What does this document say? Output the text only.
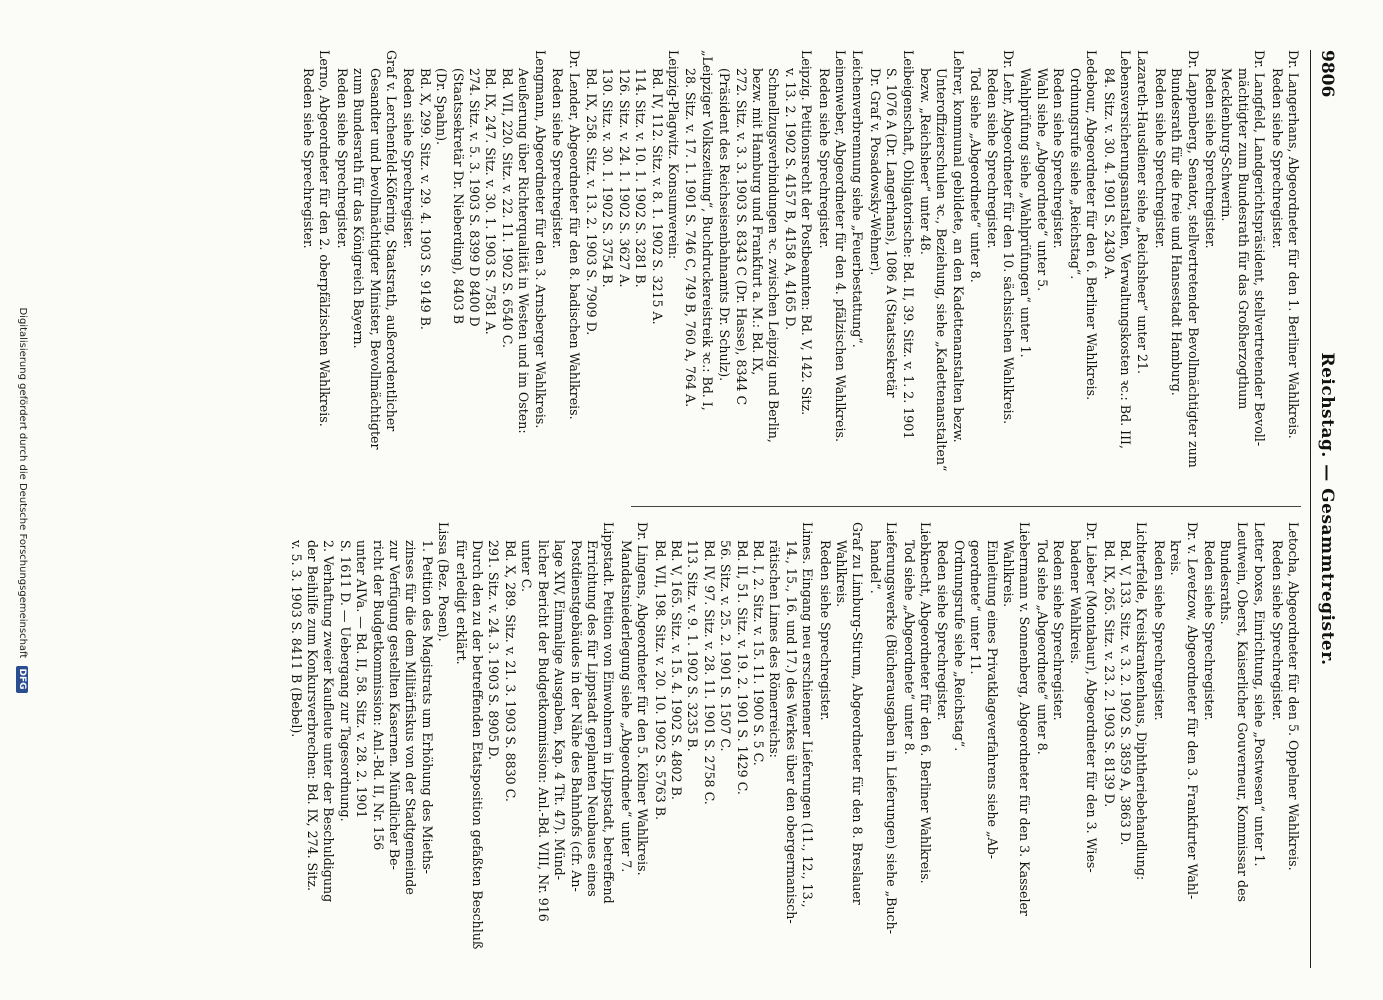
9806
Reichstag. — Gesammtregister.
Dr. Langerhans, Abgeordneter für den 1. Berliner Wahlkreis.
Reden siehe Sprechregister.
Dr. Langfeld, Landgerichtspräsident, stellvertretender Bevoll-
mächtigter zum Bundesrath für das Großherzogthum
Mecklenburg-Schwerin.
Reden siehe Sprechregister.
Dr. Lappenberg, Senator, stellvertretender Bevollmächtigter zum
Bundesrath für die freie und Hansestadt Hamburg.
Reden siehe Sprechregister.
Lazareth-Hausdiener siehe „Reichsheer“ unter 21.
Lebensversicherungsanstalten, Verwaltungskosten ꝛc.: Bd. III,
84. Sitz. v. 30. 4. 1901 S. 2430 A.
Ledebour, Abgeordneter für den 6. Berliner Wahlkreis.
Ordnungsrufe siehe „Reichstag“.
Reden siehe Sprechregister.
Wahl siehe „Abgeordnete“ unter 5.
Wahlprüfung siehe „Wahlprüfungen“ unter 1.
Dr. Lehr, Abgeordneter für den 10. sächsischen Wahlkreis.
Reden siehe Sprechregister.
Tod siehe „Abgeordnete“ unter 8.
Lehrer, kommunal gebildete, an den Kadettenanstalten bezw.
Unteroffizierschulen ꝛc., Beziehung, siehe „Kadettenanstalten“
bezw. „Reichsheer“ unter 48.
Leibeigenschaft, Obligatorische: Bd. II, 39. Sitz. v. 1. 2. 1901
S. 1076 A (Dr. Langerhans), 1086 A (Staatssekretär
Dr. Graf v. Posadowsky-Wehner).
Leichenverbrennung siehe „Feuerbestattung“.
Leinenweber, Abgeordneter für den 4. pfälzischen Wahlkreis.
Reden siehe Sprechregister.
Leipzig. Petitionsrecht der Postbeamten: Bd. V, 142. Sitz.
v. 13. 2. 1902 S. 4157 B, 4158 A, 4165 D.
Schnellzugsverbindungen ꝛc. zwischen Leipzig und Berlin,
bezw. mit Hamburg und Frankfurt a. M.: Bd. IX,
272. Sitz. v. 3. 3. 1903 S. 8343 C (Dr. Hasse), 8344 C
(Präsident des Reichseisenbahnamts Dr. Schulz).
„Leipziger Volkszeitung“, Buchdruckereistreik ꝛc.: Bd. I,
28. Sitz. v. 17. 1. 1901 S. 746 C, 749 B, 760 A, 764 A.
Leipzig-Plagwitz. Konsumverein:
Bd. IV, 112. Sitz. v. 8. 1. 1902 S. 3215 A.
114. Sitz. v. 10. 1. 1902 S. 3281 B.
126. Sitz. v. 24. 1. 1902 S. 3627 A.
130. Sitz. v. 30. 1. 1902 S. 3754 B.
Bd. IX, 258. Sitz. v. 13. 2. 1903 S. 7909 D.
Dr. Lender, Abgeordneter für den 8. badischen Wahlkreis.
Reden siehe Sprechregister.
Lengmann, Abgeordneter für den 3. Arnsberger Wahlkreis.
Aeußerung über Richterqualität in Westen und im Osten:
Bd. VII, 220. Sitz. v. 22. 11. 1902 S. 6540 C.
Bd. IX, 247. Sitz. v. 30. 1. 1903 S. 7581 A.
274. Sitz. v. 5. 3. 1903 S. 8399 D 8400 D
(Staatssekretär Dr. Nieberding), 8403 B
(Dr. Spahn).
Bd. X, 299. Sitz. v. 29. 4. 1903 S. 9149 B.
Reden siehe Sprechregister.
Graf v. Lerchenfeld-Köfering, Staatsrath, außerordentlicher
Gesandter und bevollmächtigter Minister, Bevollmächtigter
zum Bundesrath für das Königreich Bayern.
Reden siehe Sprechregister.
Lerno, Abgeordneter für den 2. oberpfälzischen Wahlkreis.
Reden siehe Sprechregister.
Letocha, Abgeordneter für den 5. Oppelner Wahlkreis.
Reden siehe Sprechregister.
Letter boxes, Einrichtung, siehe „Postwesen“ unter 1.
Leutwein, Oberst, Kaiserlicher Gouverneur, Kommissar des
Bundesraths.
Reden siehe Sprechregister.
Dr. v. Levetzow, Abgeordneter für den 3. Frankfurter Wahl-
kreis.
Reden siehe Sprechregister.
Lichterfelde, Kreiskrankenhaus, Diphtheriebehandlung:
Bd. V, 133. Sitz. v. 3. 2. 1902 S. 3859 A, 3863 D.
Bd. IX, 265. Sitz. v. 23. 2. 1903 S. 8139 D.
Dr. Lieber (Montabaur), Abgeordneter für den 3. Wies-
badener Wahlkreis.
Reden siehe Sprechregister.
Tod siehe „Abgeordnete“ unter 8.
Liebermann v. Sonnenberg, Abgeordneter für den 3. Kasseler
Wahlkreis.
Einleitung eines Privatklageverfahrens siehe „Ab-
geordnete“ unter 11.
Ordnungsrufe siehe „Reichstag“.
Reden siehe Sprechregister.
Liebknecht, Abgeordneter für den 6. Berliner Wahlkreis.
Tod siehe „Abgeordnete“ unter 8.
Lieferungswerke (Bücherausgaben in Lieferungen) siehe „Buch-
handel“.
Graf zu Limburg-Stirum, Abgeordneter für den 8. Breslauer
Wahlkreis.
Reden siehe Sprechregister.
Limes. Eingang neu erschienener Lieferungen (11., 12., 13.,
14., 15., 16. und 17.) des Werkes über den obergermanisch-
rätischen Limes des Römerreichs:
Bd. I, 2. Sitz. v. 15. 11. 1900 S. 5 C.
Bd. II, 51. Sitz. v. 19. 2. 1901 S. 1429 C.
56. Sitz. v. 25. 2. 1901 S. 1507 C.
Bd. IV, 97. Sitz. v. 28. 11. 1901 S. 2758 C.
113. Sitz. v. 9. 1. 1902 S. 3235 B.
Bd. V, 165. Sitz. v. 15. 4. 1902 S. 4802 B.
Bd. VII, 198. Sitz. v. 20. 10. 1902 S. 5763 B.
Dr. Lingens, Abgeordneter für den 5. Kölner Wahlkreis.
Mandatsniederlegung siehe „Abgeordnete“ unter 7.
Lippstadt. Petition von Einwohnern in Lippstadt, betreffend
Errichtung des für Lippstadt geplanten Neubaues eines
Postdienstgebäudes in der Nähe des Bahnhofs (cfr. An-
lage XIV, Einmalige Ausgaben, Kap. 4 Tit. 47). Münd-
licher Bericht der Budgetkommission: Anl.-Bd. VIII, Nr. 916
unter C.
Bd. X, 289. Sitz. v. 21. 3. 1903 S. 8830 C.
291. Sitz. v. 24. 3. 1903 S. 8905 D.
Durch den zu der betreffenden Etatsposition gefaßten Beschluß
für erledigt erklärt.
Lissa (Bez. Posen).
1. Petition des Magistrats um Erhöhung des Mieths-
zinses für die dem Militärfiskus von der Stadtgemeinde
zur Verfügung gestellten Kasernen. Mündlicher Be-
richt der Budgetkommission: Anl.-Bd. II, Nr. 156
unter AIVa. — Bd. II, 58. Sitz. v. 28. 2. 1901
S. 1611 D. — Uebergang zur Tagesordnung.
2. Verhaftung zweier Kaufleute unter der Beschuldigung
der Beihilfe zum Konkursverbrechen: Bd. IX, 274. Sitz.
v. 5. 3. 1903 S. 8411 B (Bebel).
Digitalisierung gefördert durch die Deutsche Forschungsgemeinschaft DFG
